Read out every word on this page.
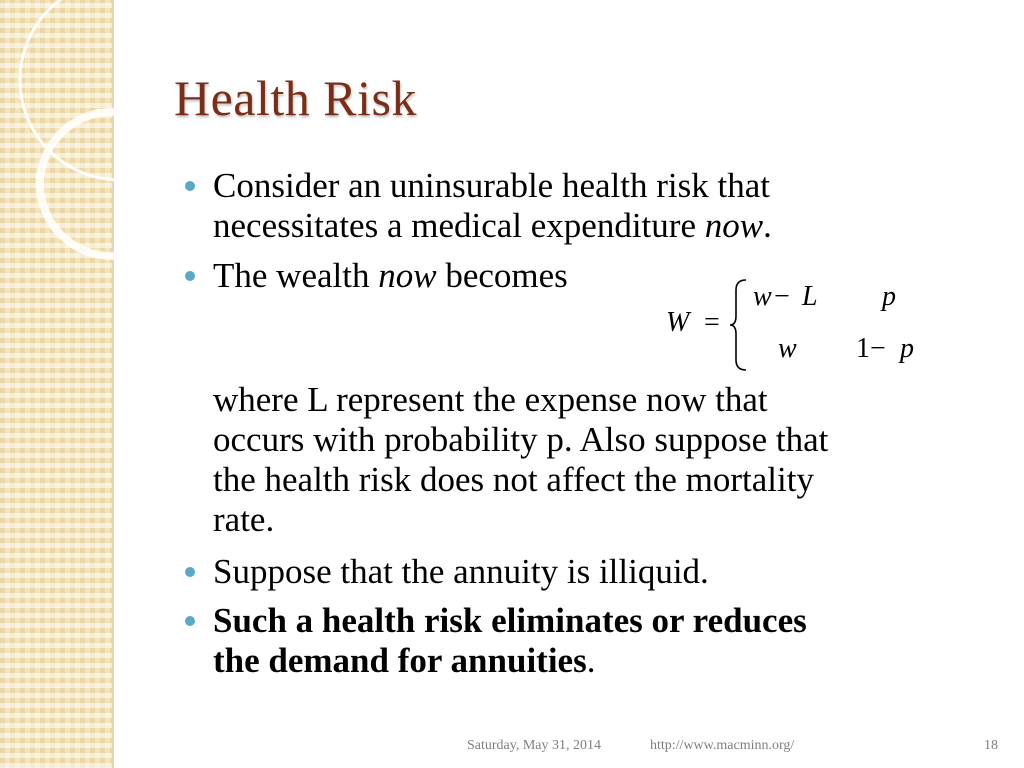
Health Risk
Consider an uninsurable health risk that
necessitates a medical expenditure now.
The wealth now becomes
W =
w − L p
w 1− p
where L represent the expense now that
occurs with probability p. Also suppose that
the health risk does not affect the mortality
rate.
Suppose that the annuity is illiquid.
Such a health risk eliminates or reduces
the demand for annuities.
Saturday, May 31, 2014	http://www.macminn.org/	18
